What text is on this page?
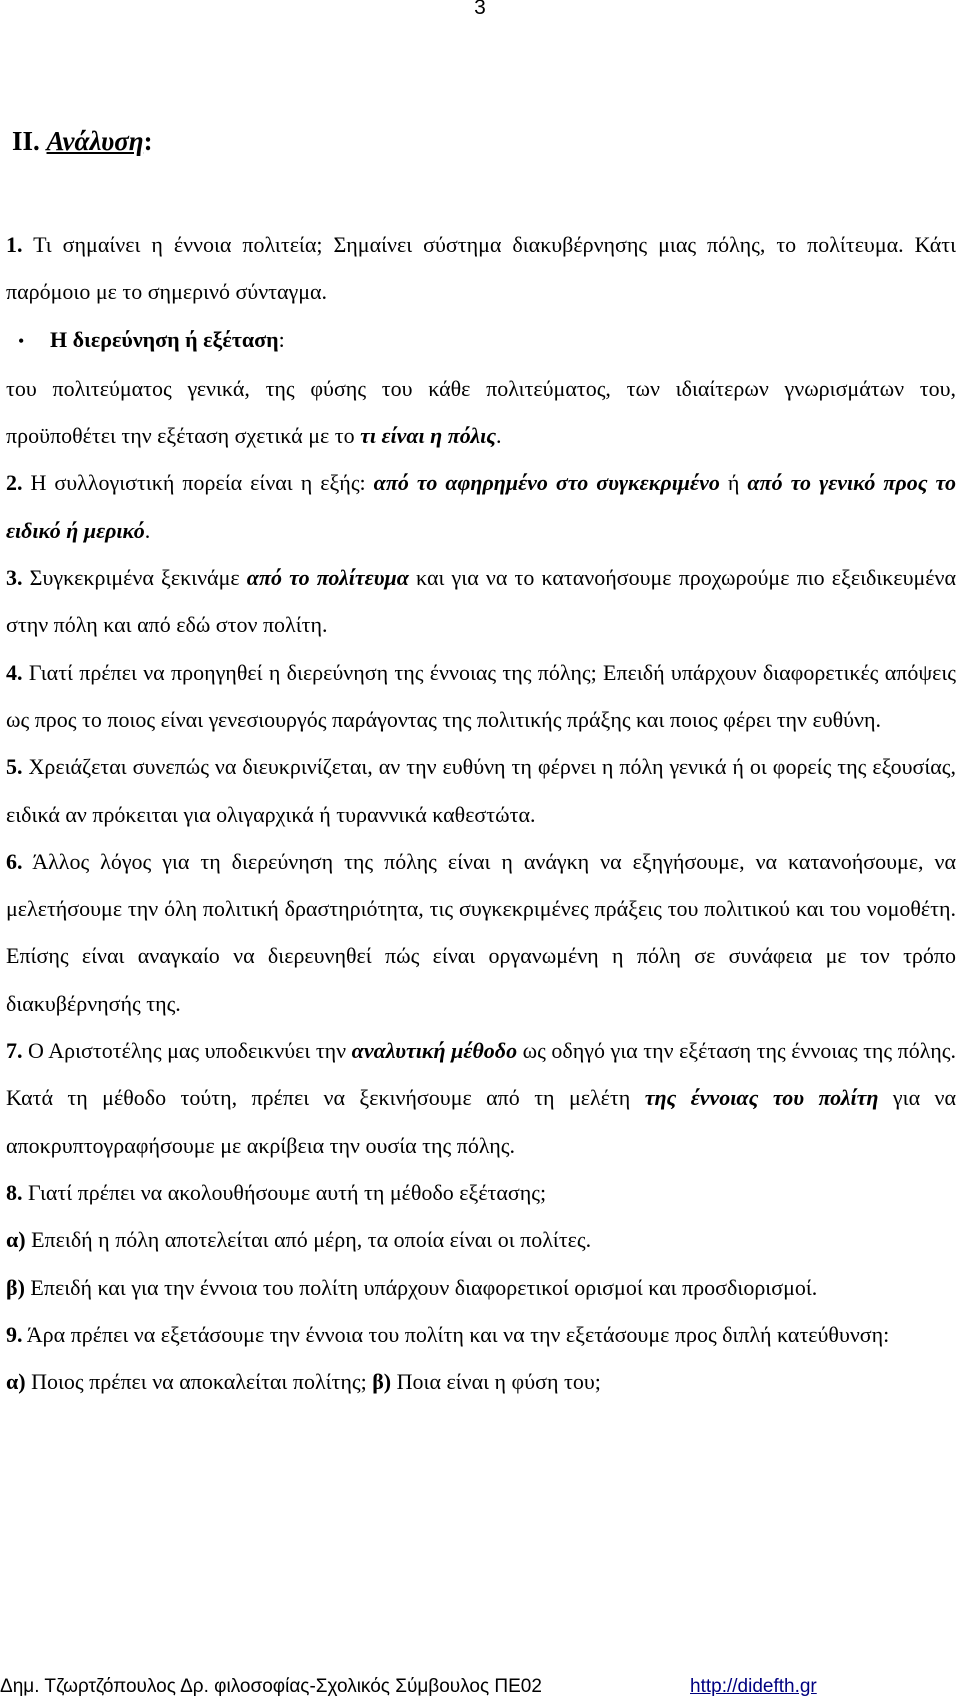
3
II. Ανάλυση:

1. Τι σημαίνει η έννοια πολιτεία; Σημαίνει σύστημα διακυβέρνησης μιας πόλης, το πολίτευμα. Κάτι παρόμοιο με το σημερινό σύνταγμα.

• Η διερεύνηση ή εξέταση:

του πολιτεύματος γενικά, της φύσης του κάθε πολιτεύματος, των ιδιαίτερων γνωρισμάτων του, προϋποθέτει την εξέταση σχετικά με το τι είναι η πόλις.

2. Η συλλογιστική πορεία είναι η εξής: από το αφηρημένο στο συγκεκριμένο ή από το γενικό προς το ειδικό ή μερικό.

3. Συγκεκριμένα ξεκινάμε από το πολίτευμα και για να το κατανοήσουμε προχωρούμε πιο εξειδικευμένα στην πόλη και από εδώ στον πολίτη.

4. Γιατί πρέπει να προηγηθεί η διερεύνηση της έννοιας της πόλης; Επειδή υπάρχουν διαφορετικές απόψεις ως προς το ποιος είναι γενεσιουργός παράγοντας της πολιτικής πράξης και ποιος φέρει την ευθύνη.

5. Χρειάζεται συνεπώς να διευκρινίζεται, αν την ευθύνη τη φέρνει η πόλη γενικά ή οι φορείς της εξουσίας, ειδικά αν πρόκειται για ολιγαρχικά ή τυραννικά καθεστώτα.

6. Άλλος λόγος για τη διερεύνηση της πόλης είναι η ανάγκη να εξηγήσουμε, να κατανοήσουμε, να μελετήσουμε την όλη πολιτική δραστηριότητα, τις συγκεκριμένες πράξεις του πολιτικού και του νομοθέτη. Επίσης είναι αναγκαίο να διερευνηθεί πώς είναι οργανωμένη η πόλη σε συνάφεια με τον τρόπο διακυβέρνησής της.

7. Ο Αριστοτέλης μας υποδεικνύει την αναλυτική μέθοδο ως οδηγό για την εξέταση της έννοιας της πόλης. Κατά τη μέθοδο τούτη, πρέπει να ξεκινήσουμε από τη μελέτη της έννοιας του πολίτη για να αποκρυπτογραφήσουμε με ακρίβεια την ουσία της πόλης.

8. Γιατί πρέπει να ακολουθήσουμε αυτή τη μέθοδο εξέτασης;

α) Επειδή η πόλη αποτελείται από μέρη, τα οποία είναι οι πολίτες.

β) Επειδή και για την έννοια του πολίτη υπάρχουν διαφορετικοί ορισμοί και προσδιορισμοί.

9. Άρα πρέπει να εξετάσουμε την έννοια του πολίτη και να την εξετάσουμε προς διπλή κατεύθυνση:

α) Ποιος πρέπει να αποκαλείται πολίτης; β) Ποια είναι η φύση του;

Δημ. Τζωρτζόπουλος Δρ. φιλοσοφίας-Σχολικός Σύμβουλος ΠΕ02	http://didefth.gr
